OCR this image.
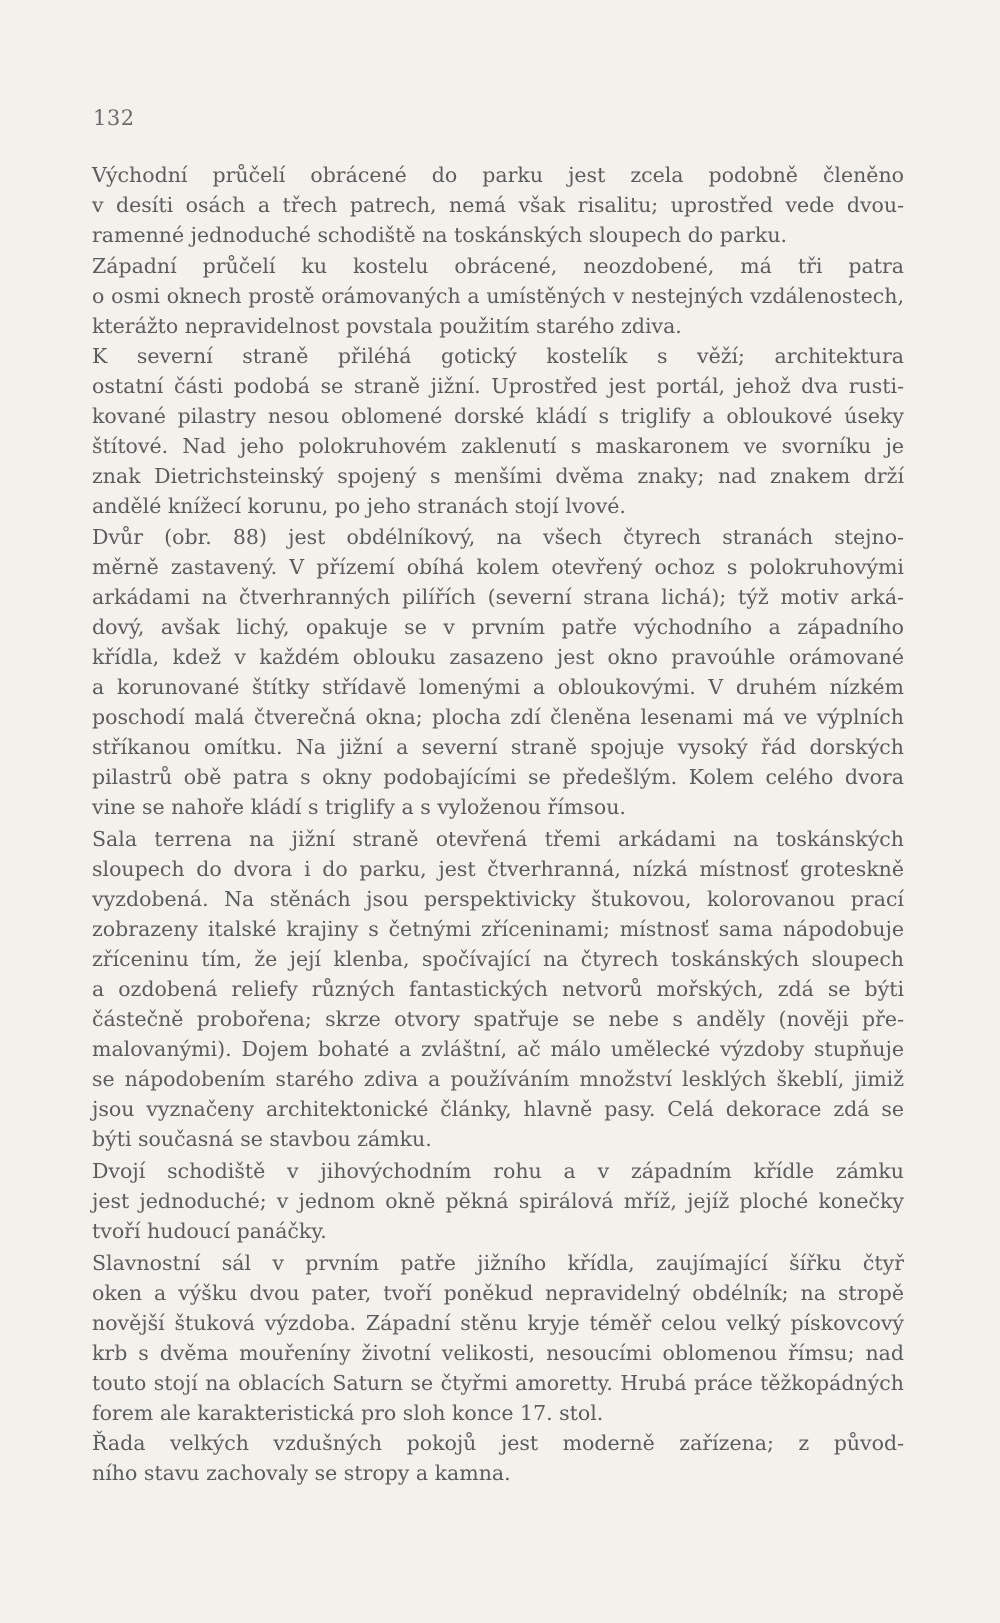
132
Východní průčelí obrácené do parku jest zcela podobně členěno
v desíti osách a třech patrech, nemá však risalitu; uprostřed vede dvou-
ramenné jednoduché schodiště na toskánských sloupech do parku.
Západní průčelí ku kostelu obrácené, neozdobené, má tři patra
o osmi oknech prostě orámovaných a umístěných v nestejných vzdálenostech,
kterážto nepravidelnost povstala použitím starého zdiva.
K severní straně přiléhá gotický kostelík s věží; architektura
ostatní části podobá se straně jižní. Uprostřed jest portál, jehož dva rusti-
kované pilastry nesou oblomené dorské kládí s triglify a obloukové úseky
štítové. Nad jeho polokruhovém zaklenutí s maskaronem ve svorníku je
znak Dietrichsteinský spojený s menšími dvěma znaky; nad znakem drží
andělé knížecí korunu, po jeho stranách stojí lvové.
Dvůr (obr. 88) jest obdélníkový, na všech čtyrech stranách stejno-
měrně zastavený. V přízemí obíhá kolem otevřený ochoz s polokruhovými
arkádami na čtverhranných pilířích (severní strana lichá); týž motiv arká-
dový, avšak lichý, opakuje se v prvním patře východního a západního
křídla, kdež v každém oblouku zasazeno jest okno pravoúhle orámované
a korunované štítky střídavě lomenými a obloukovými. V druhém nízkém
poschodí malá čtverečná okna; plocha zdí členěna lesenami má ve výplních
stříkanou omítku. Na jižní a severní straně spojuje vysoký řád dorských
pilastrů obě patra s okny podobajícími se předešlým. Kolem celého dvora
vine se nahoře kládí s triglify a s vyloženou římsou.
Sala terrena na jižní straně otevřená třemi arkádami na toskánských
sloupech do dvora i do parku, jest čtverhranná, nízká místnosť groteskně
vyzdobená. Na stěnách jsou perspektivicky štukovou, kolorovanou prací
zobrazeny italské krajiny s četnými zříceninami; místnosť sama nápodobuje
zříceninu tím, že její klenba, spočívající na čtyrech toskánských sloupech
a ozdobená reliefy různých fantastických netvorů mořských, zdá se býti
částečně probořena; skrze otvory spatřuje se nebe s anděly (nověji pře-
malovanými). Dojem bohaté a zvláštní, ač málo umělecké výzdoby stupňuje
se nápodobením starého zdiva a používáním množství lesklých škeblí, jimiž
jsou vyznačeny architektonické články, hlavně pasy. Celá dekorace zdá se
býti současná se stavbou zámku.
Dvojí schodiště v jihovýchodním rohu a v západním křídle zámku
jest jednoduché; v jednom okně pěkná spirálová mříž, jejíž ploché konečky
tvoří hudoucí panáčky.
Slavnostní sál v prvním patře jižního křídla, zaujímající šířku čtyř
oken a výšku dvou pater, tvoří poněkud nepravidelný obdélník; na stropě
novější štuková výzdoba. Západní stěnu kryje téměř celou velký pískovcový
krb s dvěma mouřeníny životní velikosti, nesoucími oblomenou římsu; nad
touto stojí na oblacích Saturn se čtyřmi amoretty. Hrubá práce těžkopádných
forem ale karakteristická pro sloh konce 17. stol.
Řada velkých vzdušných pokojů jest moderně zařízena; z původ-
ního stavu zachovaly se stropy a kamna.
